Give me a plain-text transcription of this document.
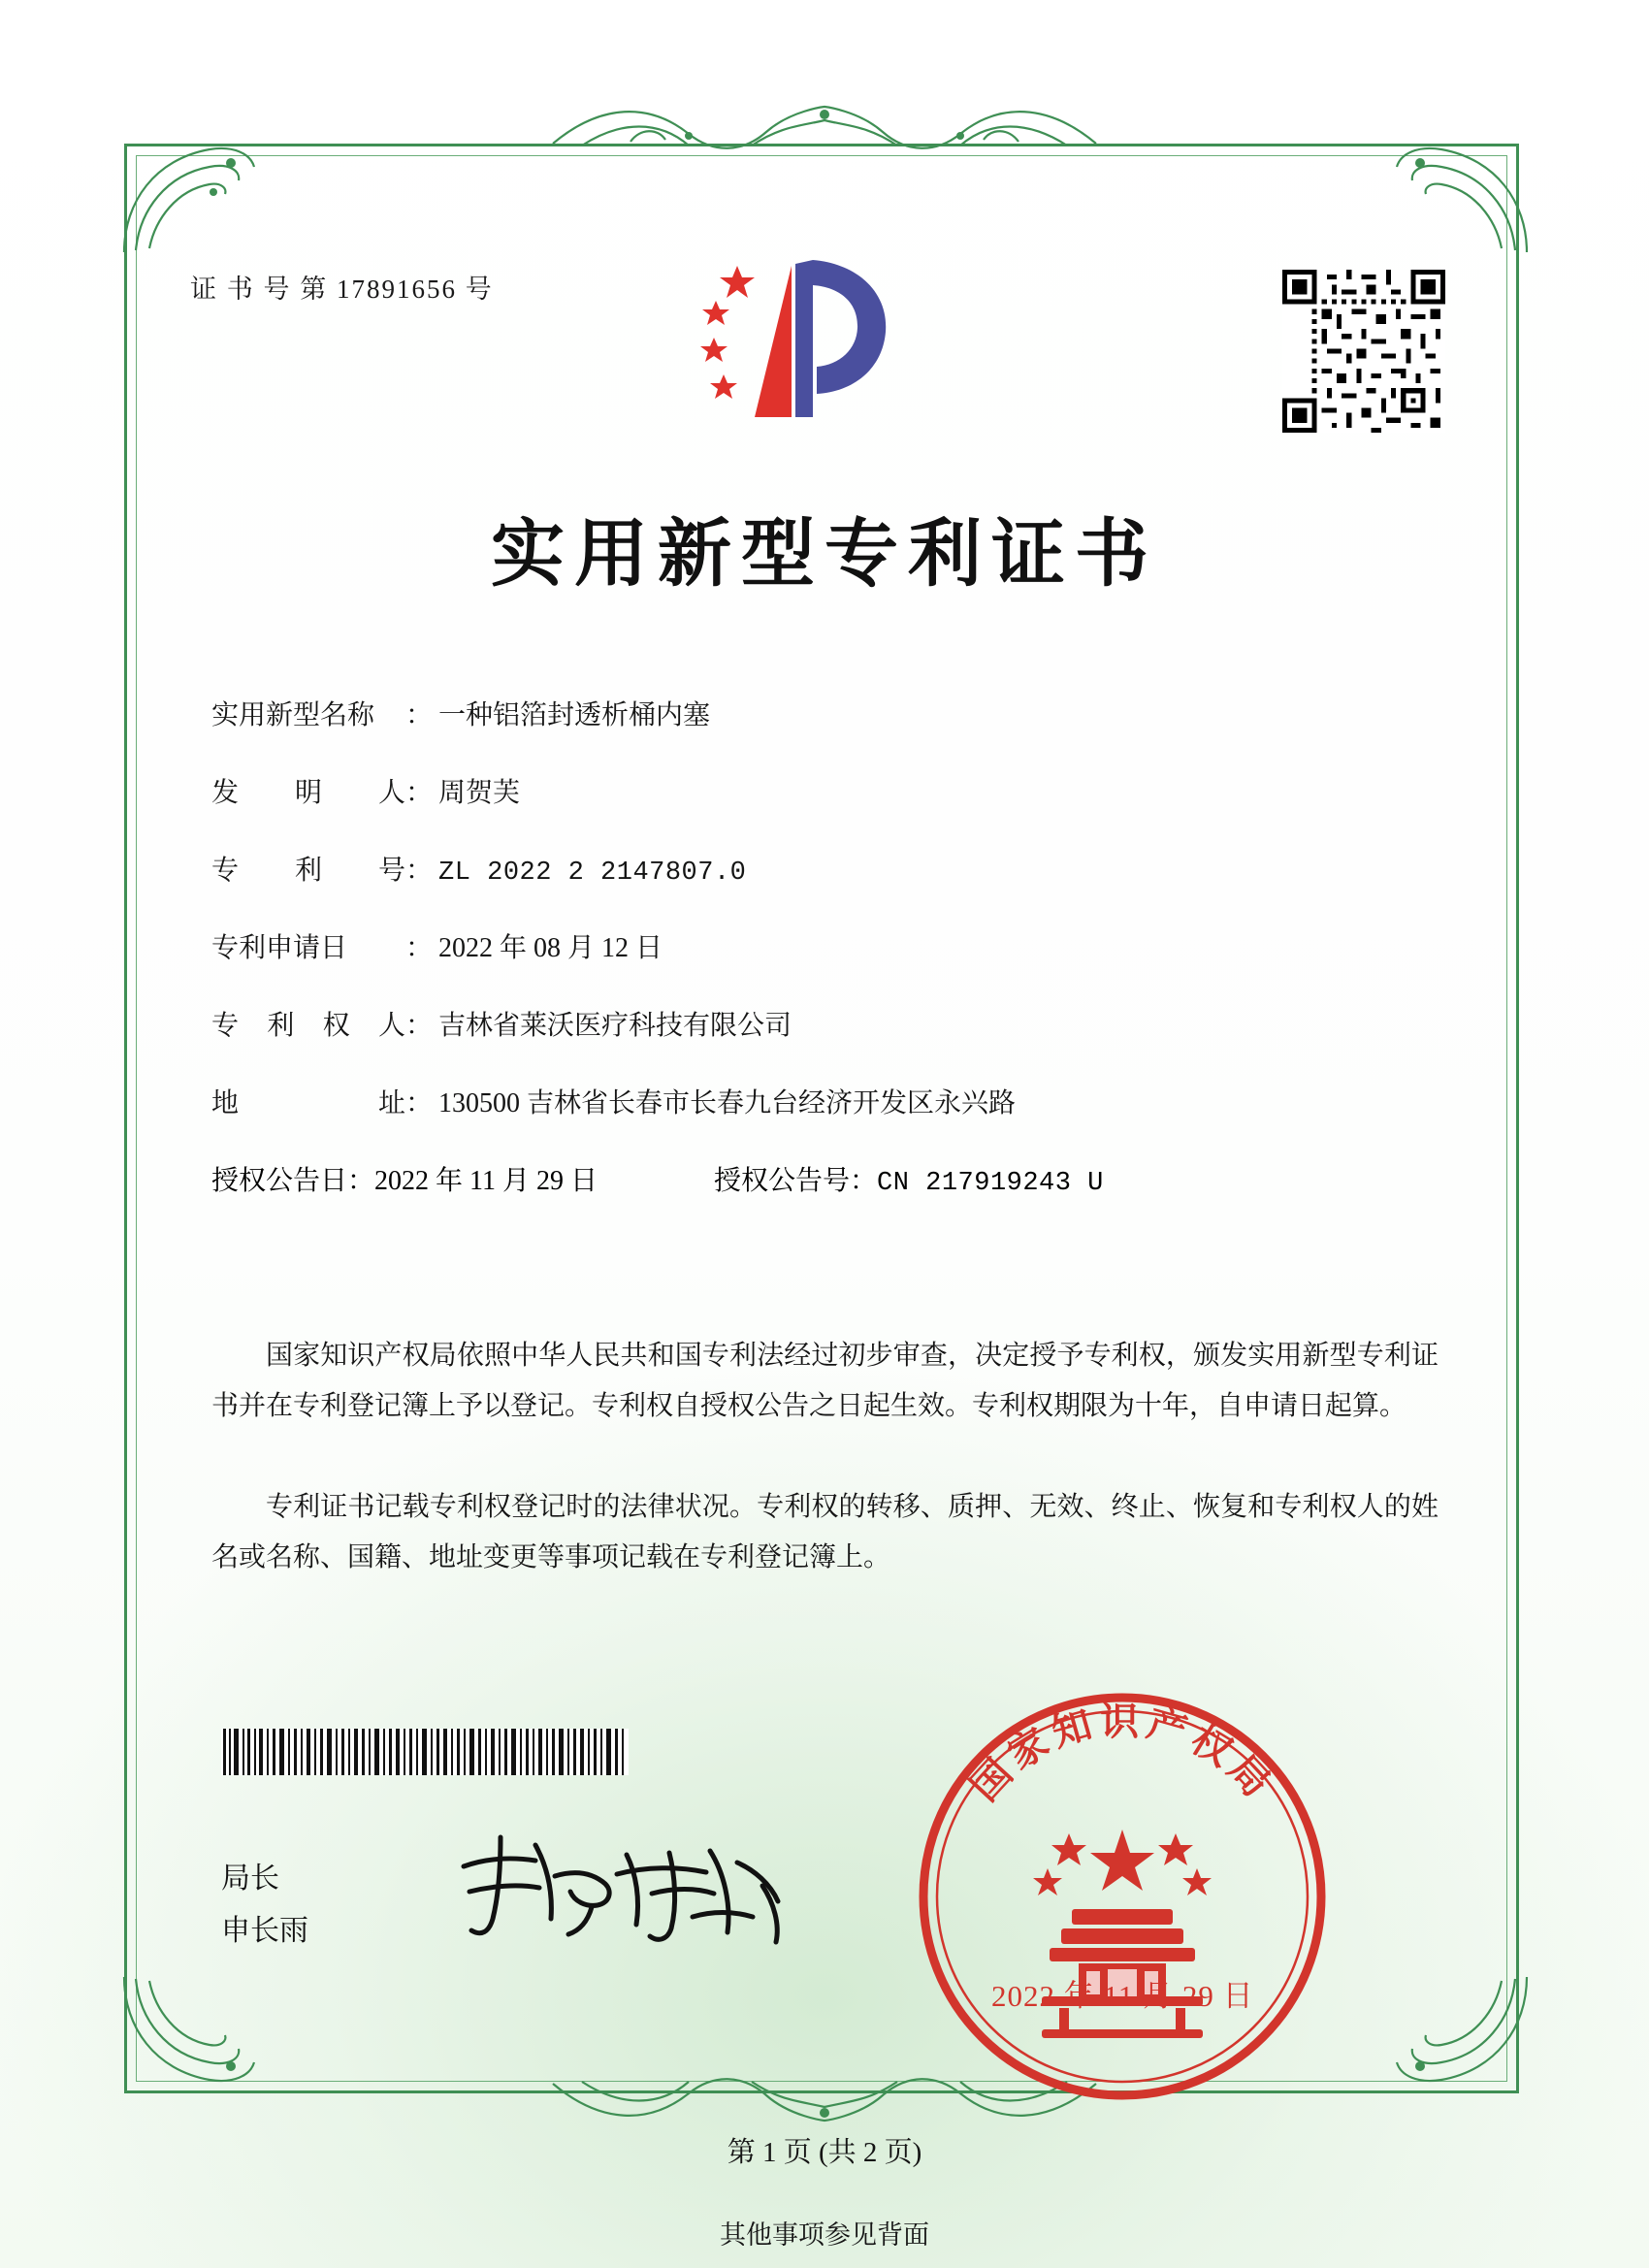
证 书 号 第 17891656 号
实用新型专利证书
实用新型名称	： 一种铝箔封透析桶内塞
发 明 人 ： 周贺芙
专 利 号 ： ZL 2022 2 2147807.0
专利申请日	： 2022 年 08 月 12 日
专 利 权 人 ： 吉林省莱沃医疗科技有限公司
地	址 ： 130500 吉林省长春市长春九台经济开发区永兴路
授权公告日 ： 2022 年 11 月 29 日	授权公告号 ： CN 217919243 U
国家知识产权局依照中华人民共和国专利法经过初步审查，决定授予专利权，颁发实用新型专利证书并在专利登记簿上予以登记。专利权自授权公告之日起生效。专利权期限为十年，自申请日起算。
专利证书记载专利权登记时的法律状况。专利权的转移、质押、无效、终止、恢复和专利权人的姓名或名称、国籍、地址变更等事项记载在专利登记簿上。
局长
申长雨
国家知识产权局
2022 年 11 月 29 日
第 1 页 (共 2 页)
其他事项参见背面
